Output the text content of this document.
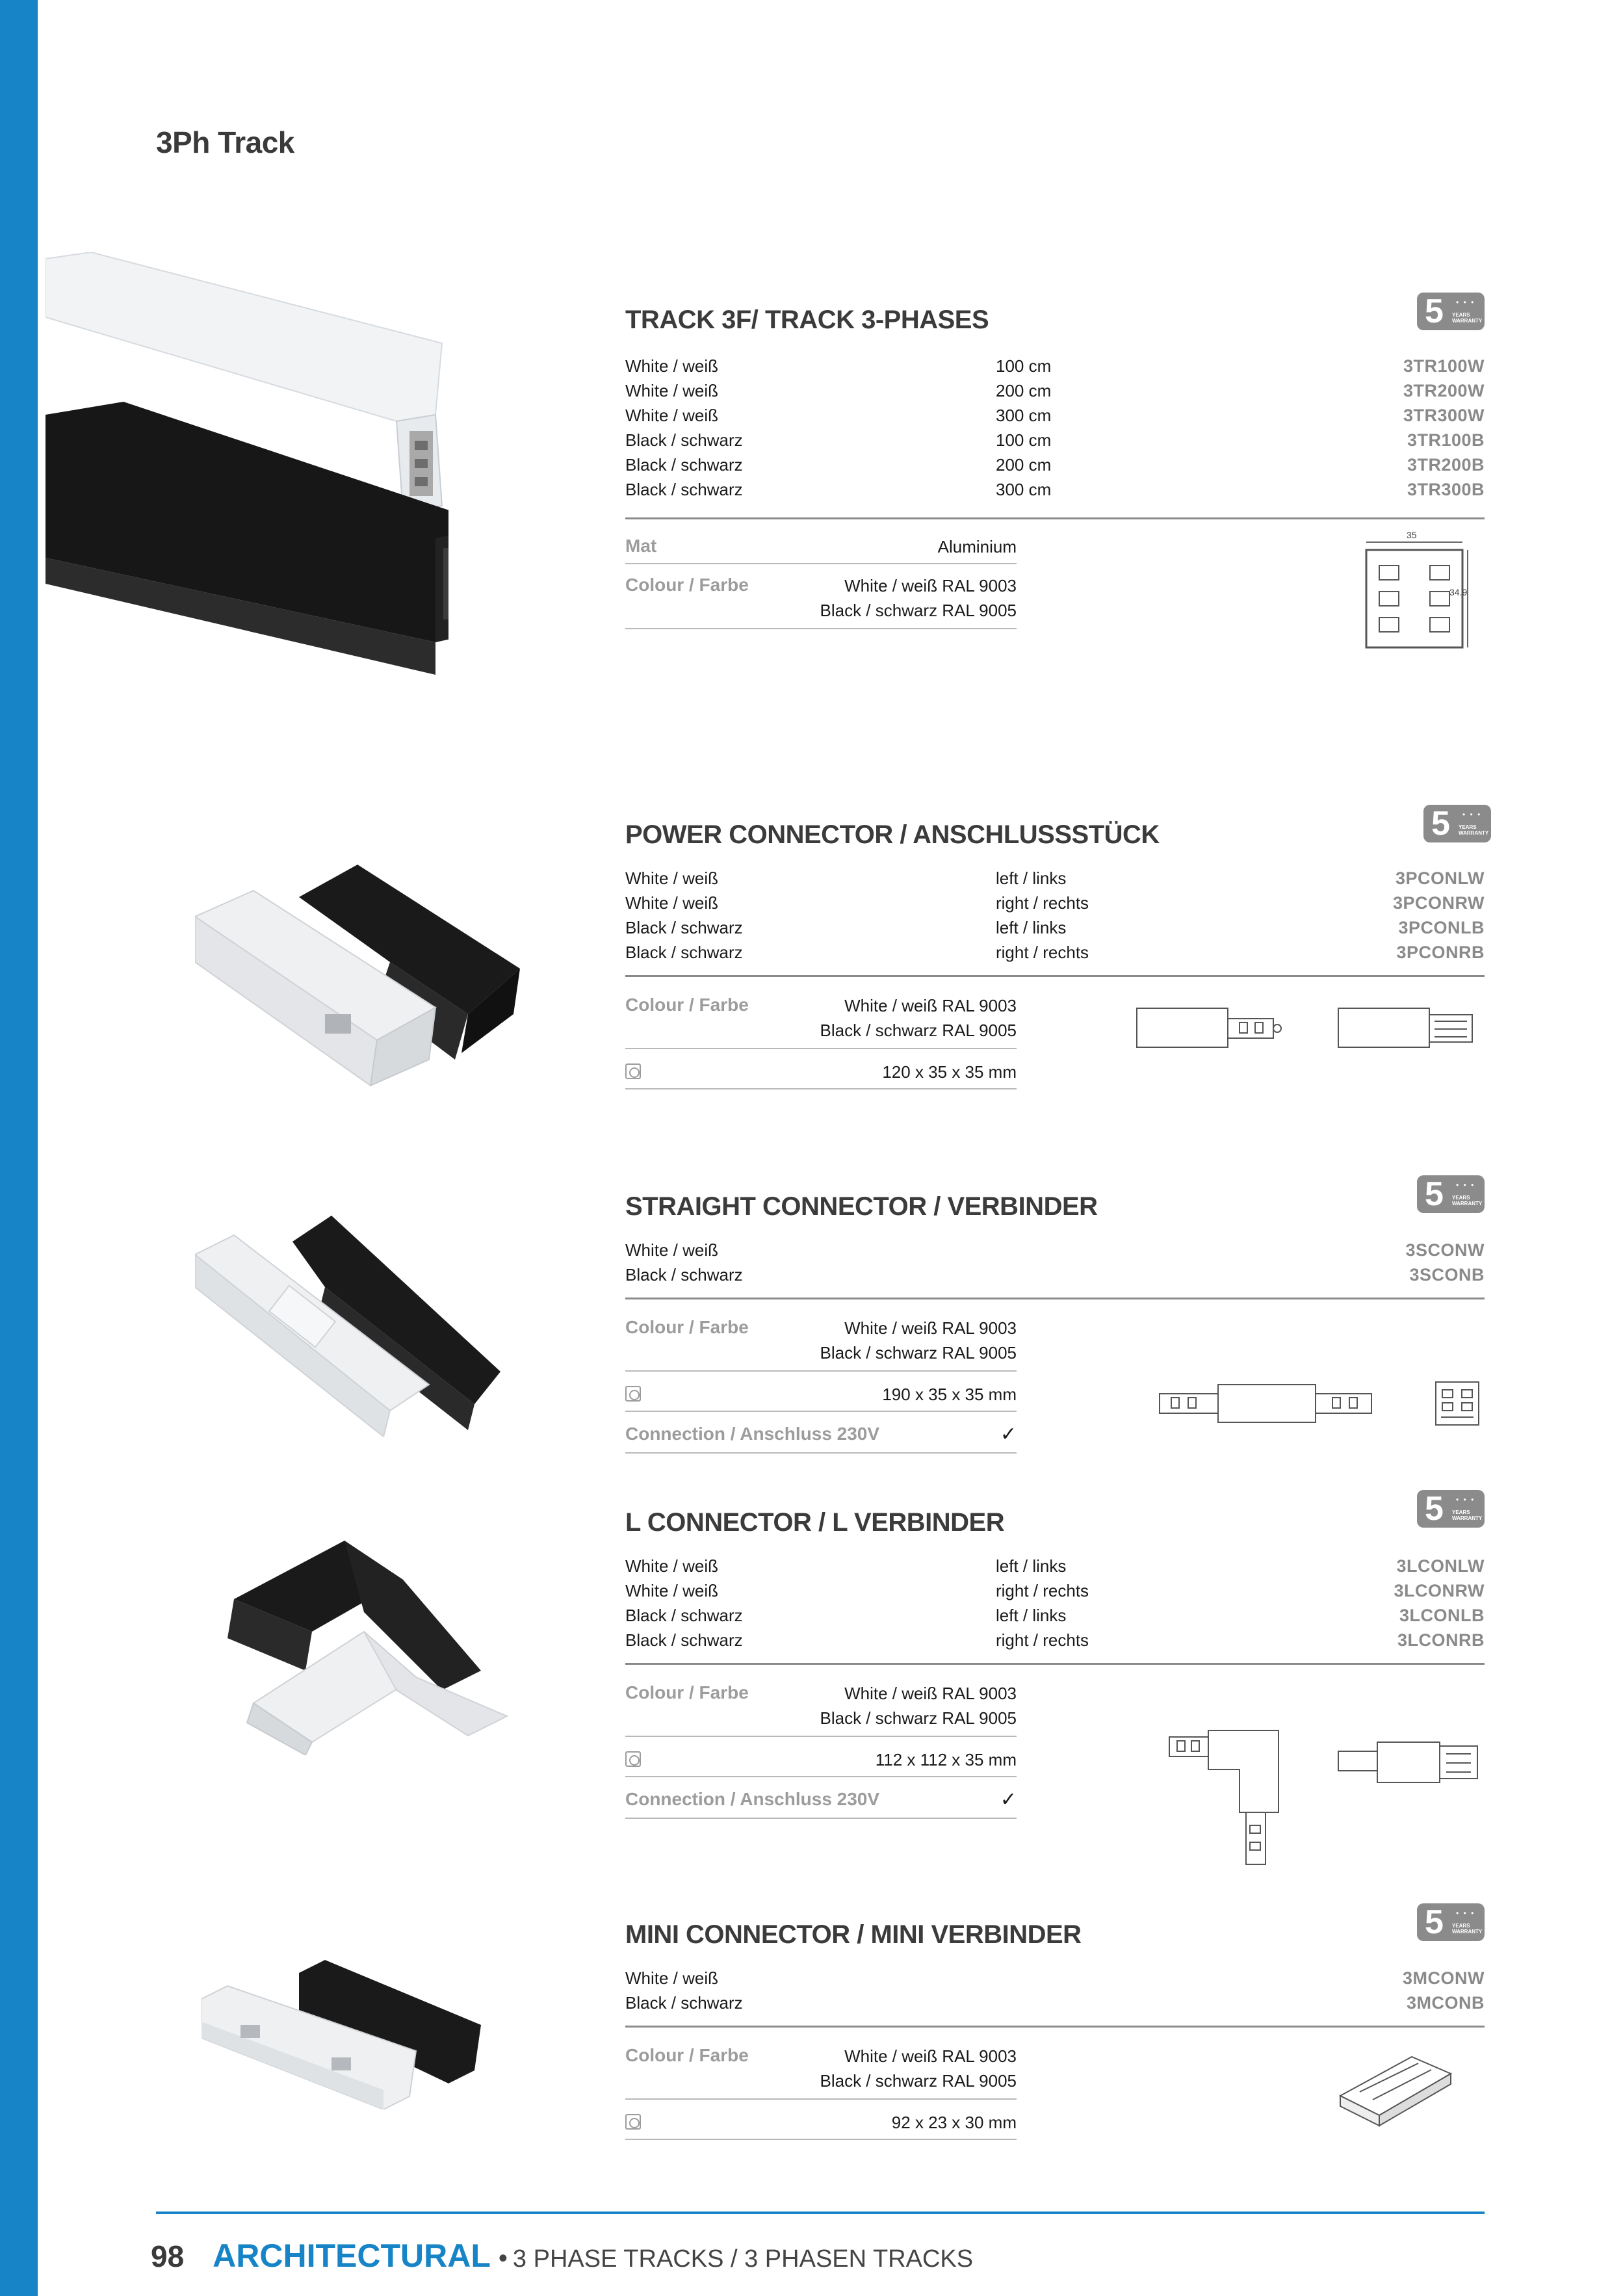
3Ph Track
TRACK 3F/ TRACK 3-PHASES	5 • • •
YEARS
WARRANTY
White / weiß	100 cm	3TR100W
White / weiß	200 cm	3TR200W
White / weiß	300 cm	3TR300W
Black / schwarz	100 cm	3TR100B
Black / schwarz	200 cm	3TR200B
Black / schwarz	300 cm	3TR300B
Mat	Aluminium
Colour / Farbe	White / weiß RAL 9003
Black / schwarz RAL 9005
35
34.9
POWER CONNECTOR / ANSCHLUSSSTÜCK	5 • • •
YEARS
WARRANTY
White / weiß	left / links	3PCONLW
White / weiß	right / rechts	3PCONRW
Black / schwarz	left / links	3PCONLB
Black / schwarz	right / rechts	3PCONRB
Colour / Farbe	White / weiß RAL 9003
Black / schwarz RAL 9005
120 x 35 x 35 mm
STRAIGHT CONNECTOR / VERBINDER	5 • • •
YEARS
WARRANTY
White / weiß	3SCONW
Black / schwarz	3SCONB
Colour / Farbe	White / weiß RAL 9003
Black / schwarz RAL 9005
190 x 35 x 35 mm
Connection / Anschluss 230V	✓
L CONNECTOR / L VERBINDER	5 • • •
YEARS
WARRANTY
White / weiß	left / links	3LCONLW
White / weiß	right / rechts	3LCONRW
Black / schwarz	left / links	3LCONLB
Black / schwarz	right / rechts	3LCONRB
Colour / Farbe	White / weiß RAL 9003
Black / schwarz RAL 9005
112 x 112 x 35 mm
Connection / Anschluss 230V	✓
MINI CONNECTOR / MINI VERBINDER	5 • • •
YEARS
WARRANTY
White / weiß	3MCONW
Black / schwarz	3MCONB
Colour / Farbe	White / weiß RAL 9003
Black / schwarz RAL 9005
92 x 23 x 30 mm
98 ARCHITECTURAL • 3 PHASE TRACKS / 3 PHASEN TRACKS
